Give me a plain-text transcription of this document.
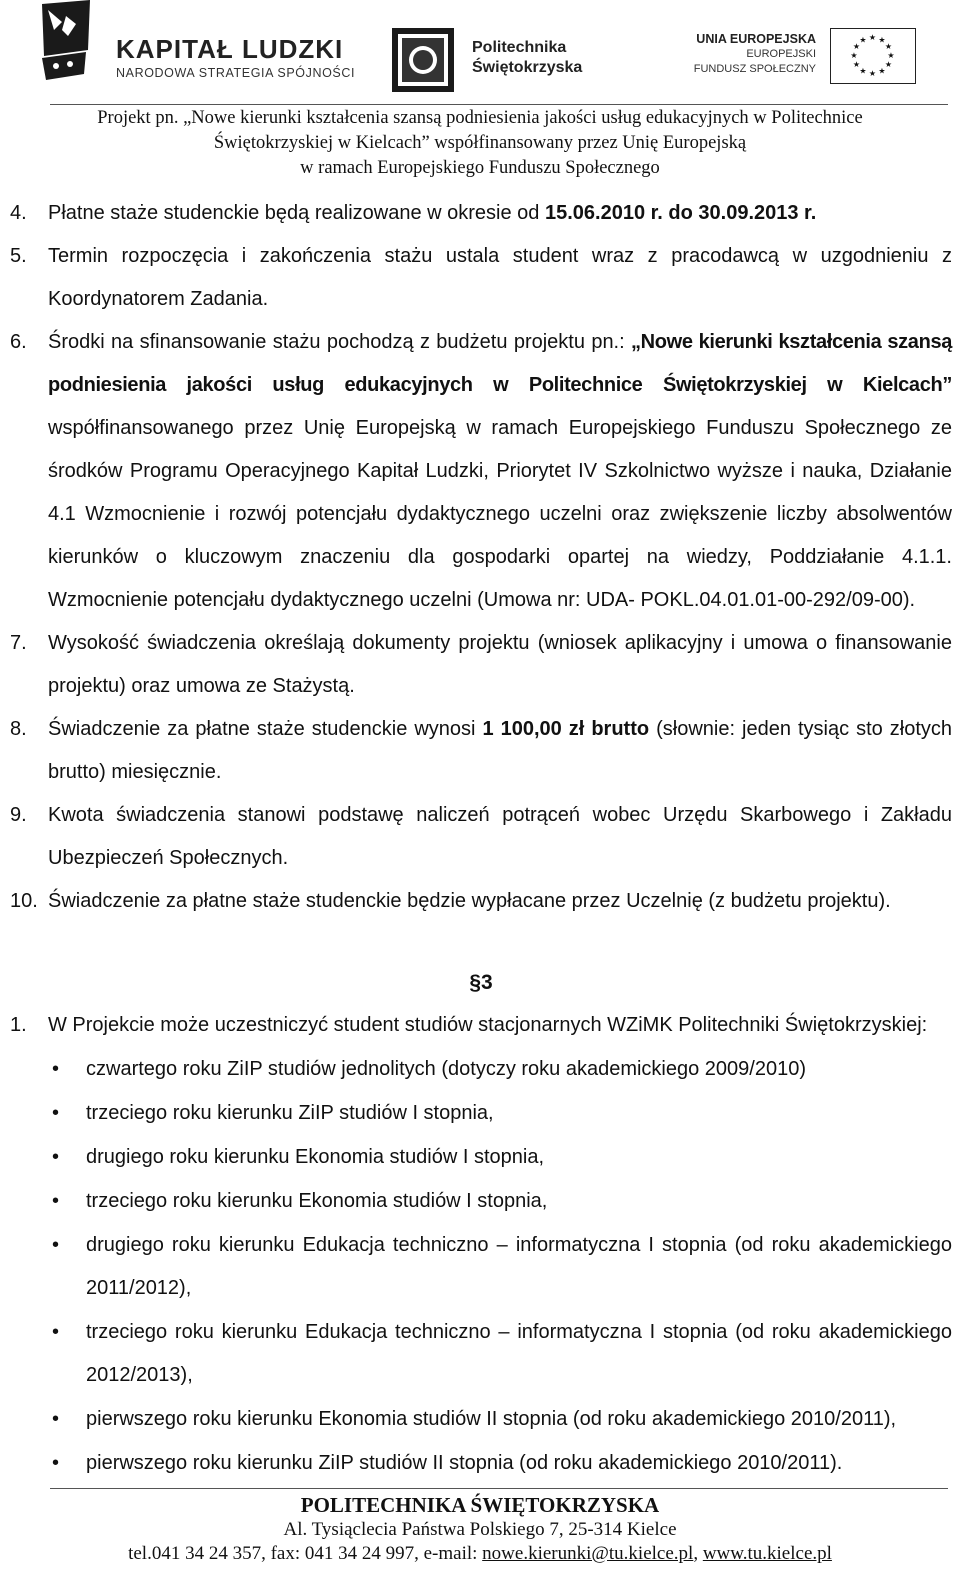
KAPITAŁ LUDZKI
NARODOWA STRATEGIA SPÓJNOŚCI
Politechnika
Świętokrzyska
UNIA EUROPEJSKA
EUROPEJSKI
FUNDUSZ SPOŁECZNY
★ ★
★
★
★
★
★
★
★
★
★
★
Projekt pn. „Nowe kierunki kształcenia szansą podniesienia jakości usług edukacyjnych w Politechnice
Świętokrzyskiej w Kielcach” współfinansowany przez Unię Europejską
w ramach Europejskiego Funduszu Społecznego
4.	Płatne staże studenckie będą realizowane w okresie od 15.06.2010 r. do 30.09.2013 r.
5.	Termin rozpoczęcia i zakończenia stażu ustala student wraz z pracodawcą w uzgodnieniu z Koordynatorem Zadania.
6.	Środki na sfinansowanie stażu pochodzą z budżetu projektu pn.: „Nowe kierunki kształcenia szansą podniesienia jakości usług edukacyjnych w Politechnice Świętokrzyskiej w Kielcach” współfinansowanego przez Unię Europejską w ramach Europejskiego Funduszu Społecznego ze środków Programu Operacyjnego Kapitał Ludzki, Priorytet IV Szkolnictwo wyższe i nauka, Działanie 4.1 Wzmocnienie i rozwój potencjału dydaktycznego uczelni oraz zwiększenie liczby absolwentów kierunków o kluczowym znaczeniu dla gospodarki opartej na wiedzy, Poddziałanie 4.1.1. Wzmocnienie potencjału dydaktycznego uczelni (Umowa nr: UDA- POKL.04.01.01-00-292/09-00).
7.	Wysokość świadczenia określają dokumenty projektu (wniosek aplikacyjny i umowa o finansowanie projektu) oraz umowa ze Stażystą.
8.	Świadczenie za płatne staże studenckie wynosi 1 100,00 zł brutto (słownie: jeden tysiąc sto złotych brutto) miesięcznie.
9.	Kwota świadczenia stanowi podstawę naliczeń potrąceń wobec Urzędu Skarbowego i Zakładu Ubezpieczeń Społecznych.
10. Świadczenie za płatne staże studenckie będzie wypłacane przez Uczelnię (z budżetu projektu).
§3
1.	W Projekcie może uczestniczyć student studiów stacjonarnych WZiMK Politechniki Świętokrzyskiej:
•	czwartego roku ZiIP studiów jednolitych (dotyczy roku akademickiego 2009/2010)
•	trzeciego roku kierunku ZiIP studiów I stopnia,
•	drugiego roku kierunku Ekonomia studiów I stopnia,
•	trzeciego roku kierunku Ekonomia studiów I stopnia,
•	drugiego roku kierunku Edukacja techniczno – informatyczna I stopnia (od roku akademickiego 2011/2012),
•	trzeciego roku kierunku Edukacja techniczno – informatyczna I stopnia (od roku akademickiego 2012/2013),
•	pierwszego roku kierunku Ekonomia studiów II stopnia (od roku akademickiego 2010/2011),
•	pierwszego roku kierunku ZiIP studiów II stopnia (od roku akademickiego 2010/2011).
POLITECHNIKA ŚWIĘTOKRZYSKA
Al. Tysiąclecia Państwa Polskiego 7, 25-314 Kielce
tel.041 34 24 357, fax: 041 34 24 997, e-mail: nowe.kierunki@tu.kielce.pl, www.tu.kielce.pl
